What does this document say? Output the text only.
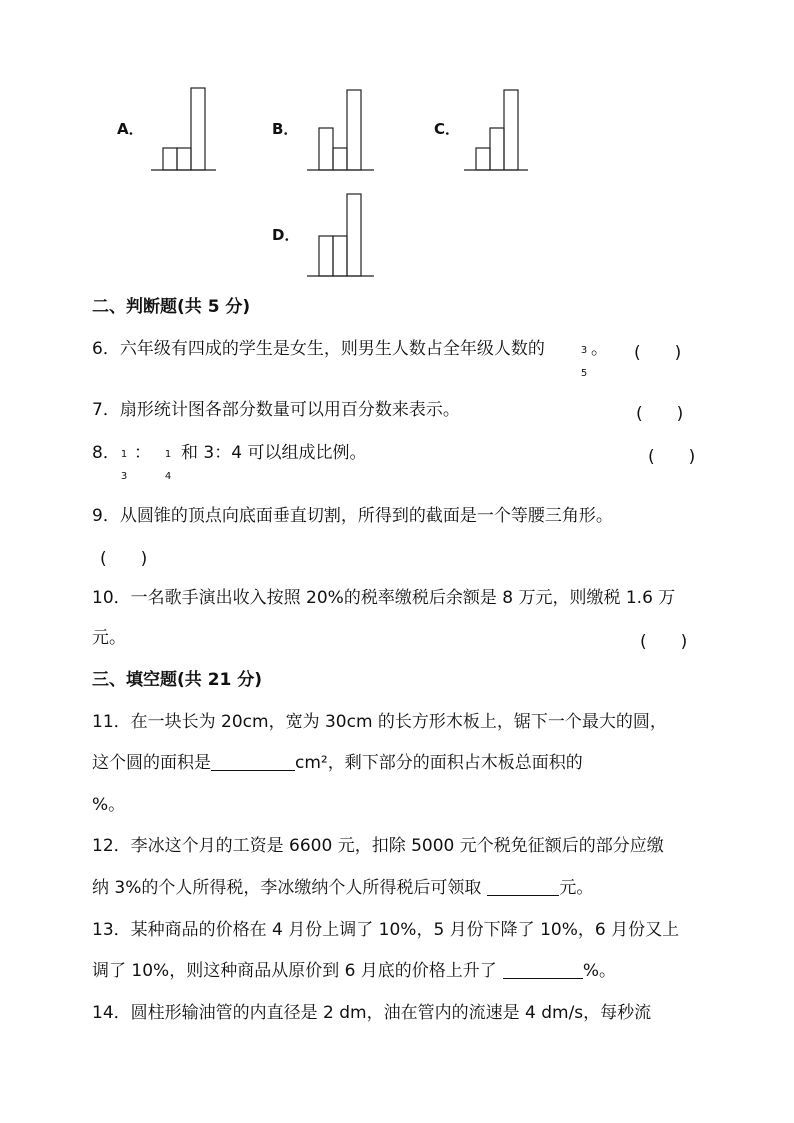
A．	B．	C．
D．
二、判断题(共 5 分)
6．六年级有四成的学生是女生，则男生人数占全年级人数的	3
5
。 (　　)
7．扇形统计图各部分数量可以用百分数来表示。	(　　)
8． 1
3
： 1
4
和 3：4 可以组成比例。	(　　)
9．从圆锥的顶点向底面垂直切割，所得到的截面是一个等腰三角形。
(　　)
10．一名歌手演出收入按照 20%的税率缴税后余额是 8 万元，则缴税 1.6 万
元。	(　　)
三、填空题(共 21 分)
11．在一块长为 20cm，宽为 30cm 的长方形木板上，锯下一个最大的圆，
这个圆的面积是	cm²，剩下部分的面积占木板总面积的
%。
12．李冰这个月的工资是 6600 元，扣除 5000 元个税免征额后的部分应缴
纳 3%的个人所得税，李冰缴纳个人所得税后可领取	元。
13．某种商品的价格在 4 月份上调了 10%，5 月份下降了 10%，6 月份又上
调了 10%，则这种商品从原价到 6 月底的价格上升了	%。
14．圆柱形输油管的内直径是 2 dm，油在管内的流速是 4 dm/s，每秒流
